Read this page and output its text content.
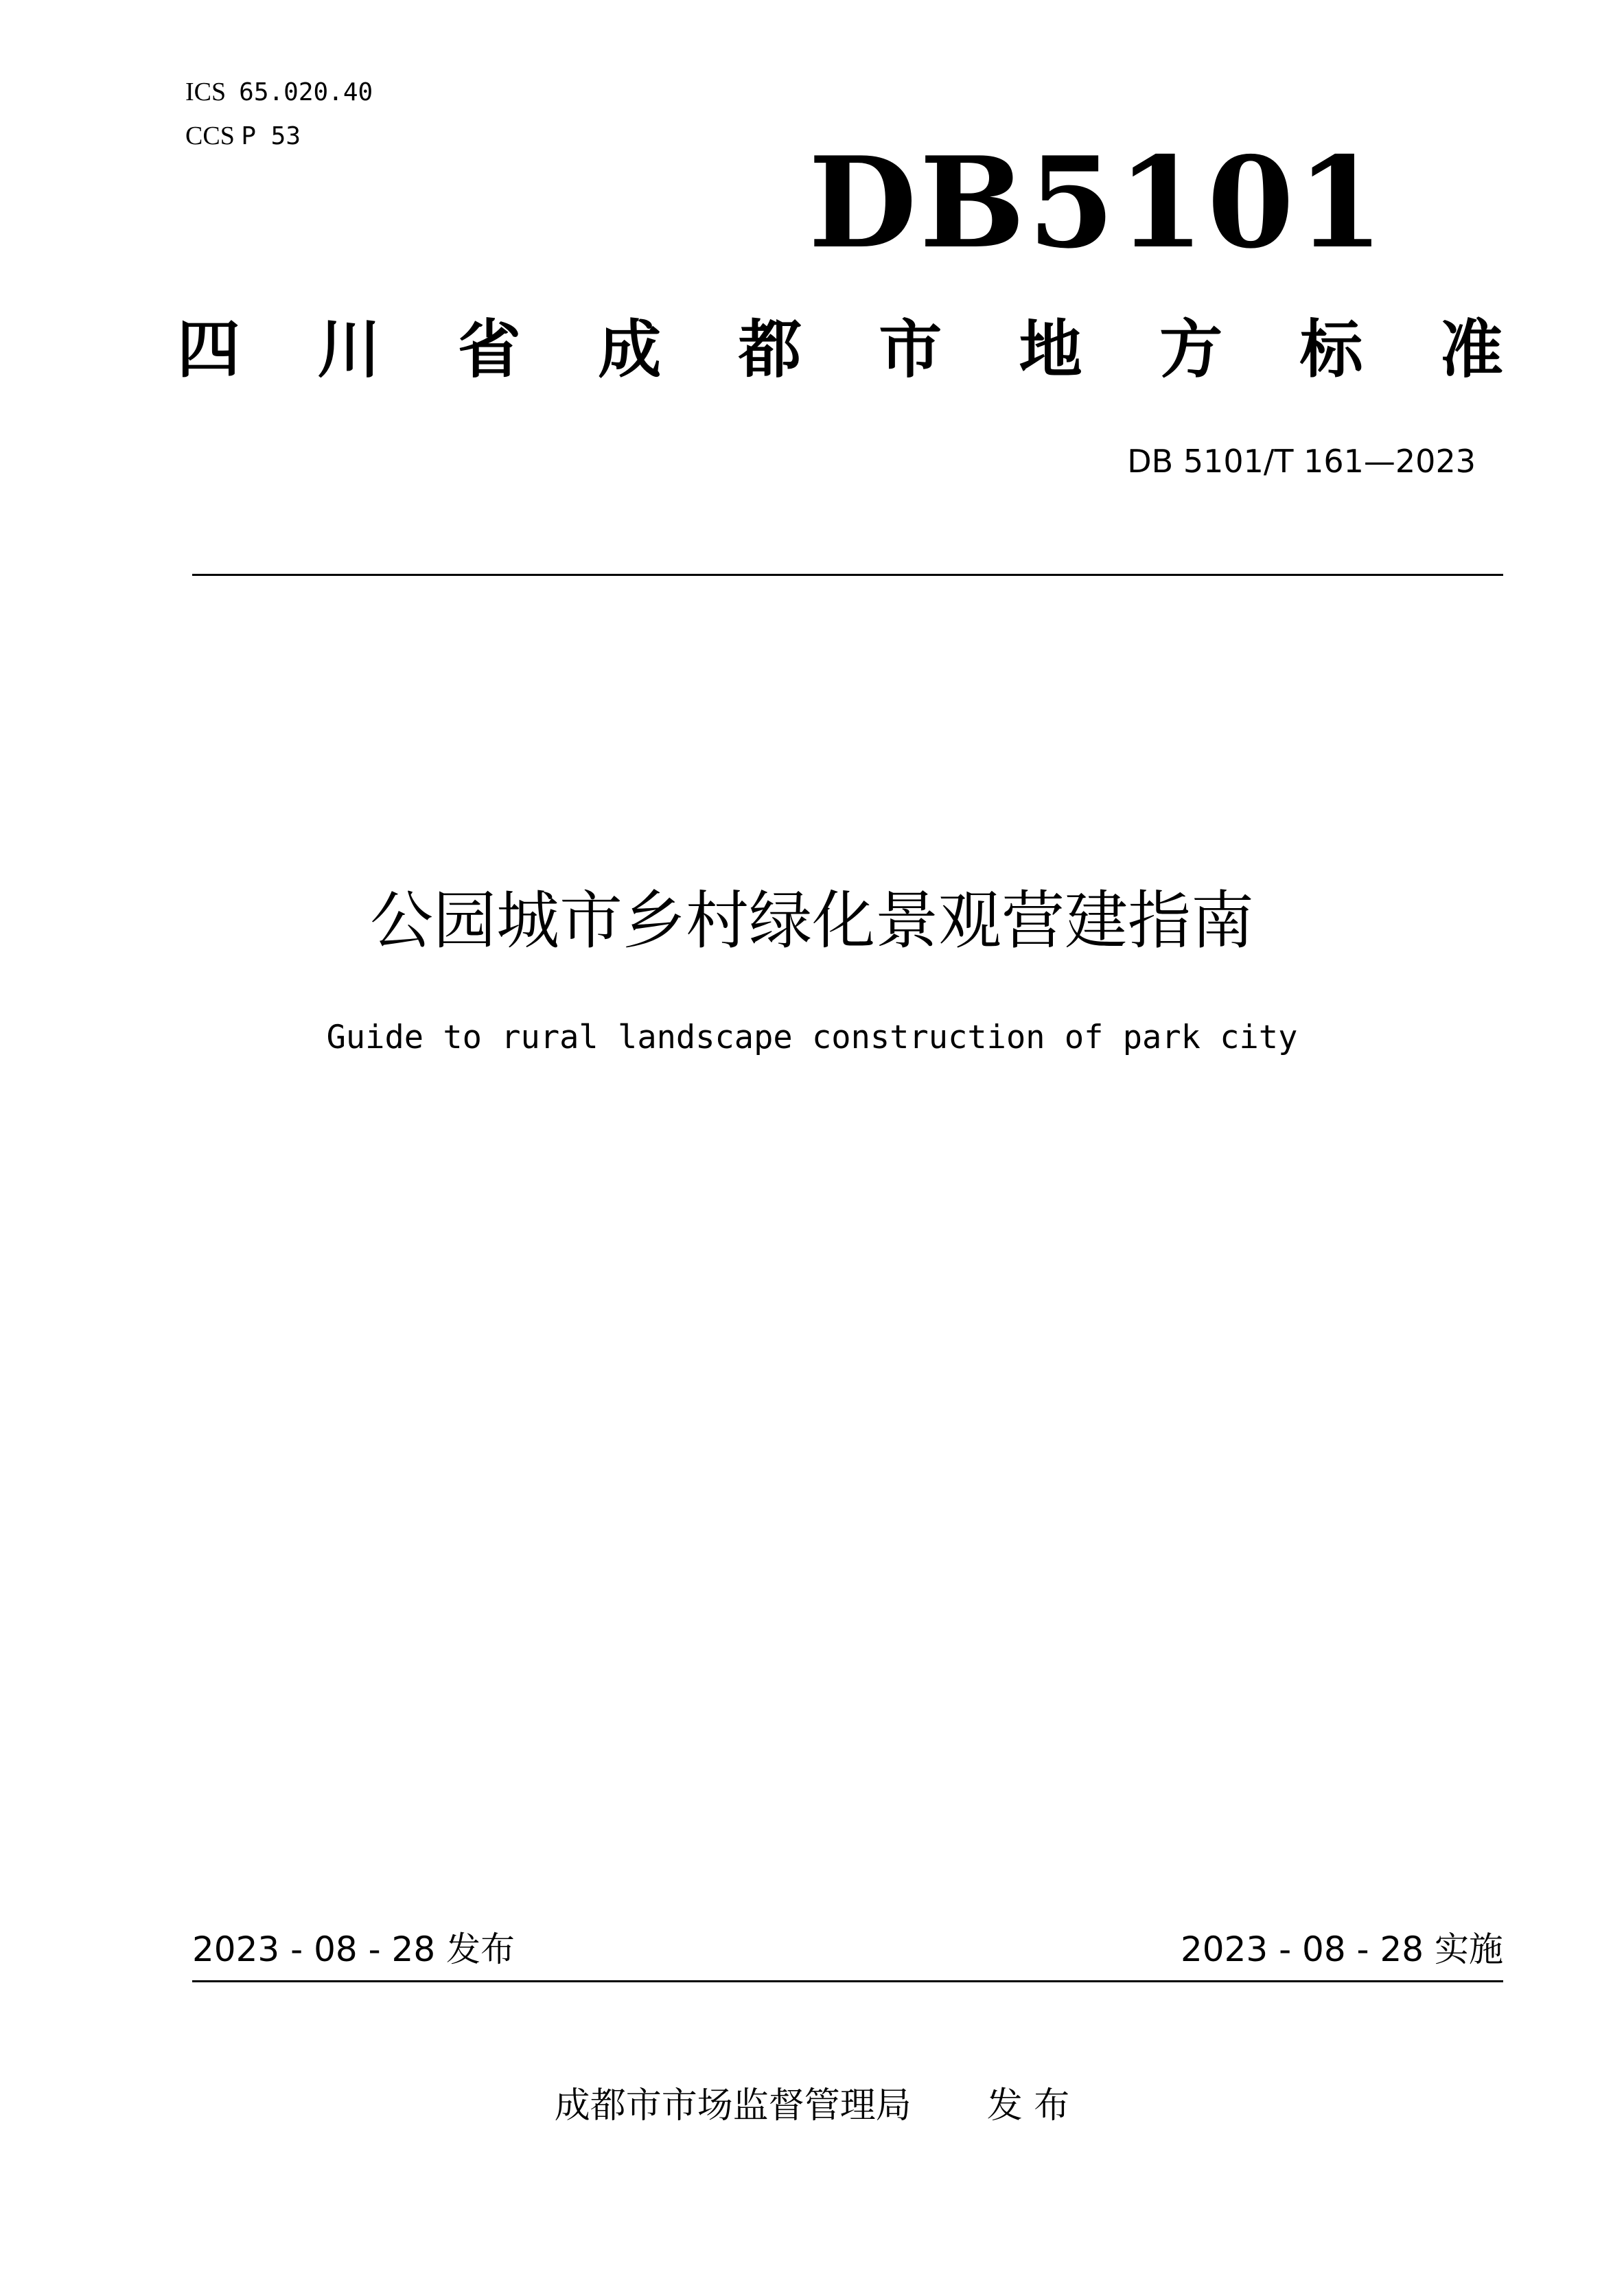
ICS 65.020.40
CCS P 53	DB5101
四 川 省 成 都 市 地 方 标 准
DB 5101/T 161—2023
公园城市乡村绿化景观营建指南
Guide to rural landscape construction of park city
2023 - 08 - 28 发布	2023 - 08 - 28 实施
成都市市场监督管理局 发 布
